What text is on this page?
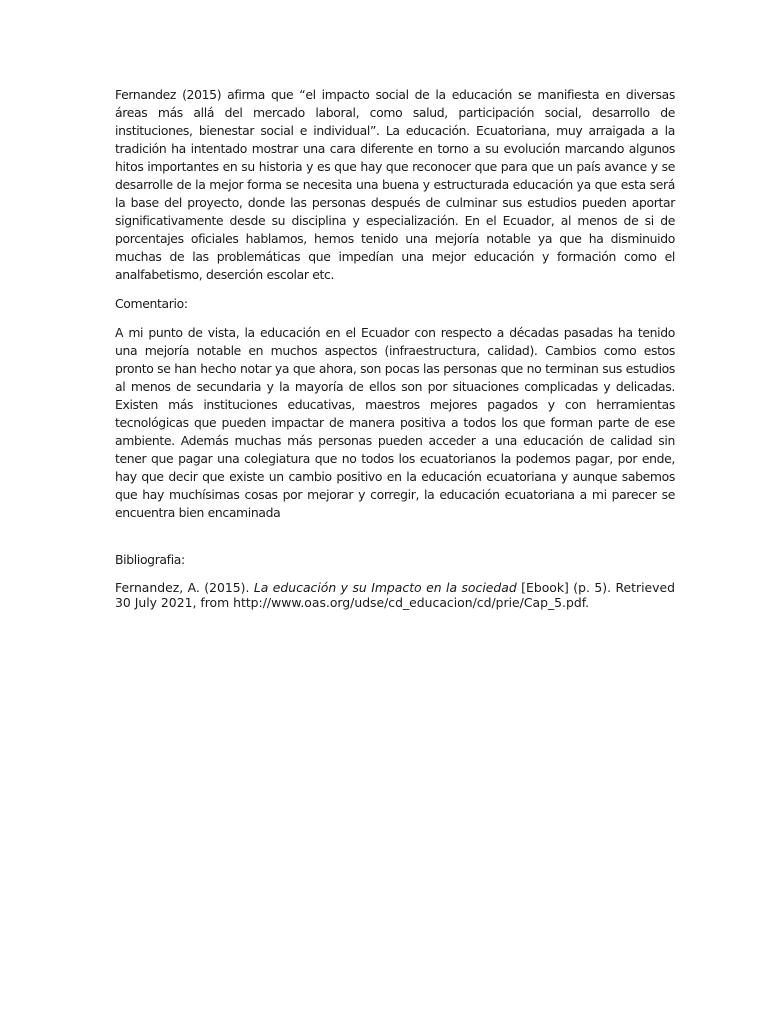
Fernandez (2015) afirma que “el impacto social de la educación se manifiesta en diversas áreas más allá del mercado laboral, como salud, participación social, desarrollo de instituciones, bienestar social e individual”. La educación. Ecuatoriana, muy arraigada a la tradición ha intentado mostrar una cara diferente en torno a su evolución marcando algunos hitos importantes en su historia y es que hay que reconocer que para que un país avance y se desarrolle de la mejor forma se necesita una buena y estructurada educación ya que esta será la base del proyecto, donde las personas después de culminar sus estudios pueden aportar significativamente desde su disciplina y especialización. En el Ecuador, al menos de si de porcentajes oficiales hablamos, hemos tenido una mejoría notable ya que ha disminuido muchas de las problemáticas que impedían una mejor educación y formación como el analfabetismo, deserción escolar etc.

Comentario:

A mi punto de vista, la educación en el Ecuador con respecto a décadas pasadas ha tenido una mejoría notable en muchos aspectos (infraestructura, calidad). Cambios como estos pronto se han hecho notar ya que ahora, son pocas las personas que no terminan sus estudios al menos de secundaria y la mayoría de ellos son por situaciones complicadas y delicadas. Existen más instituciones educativas, maestros mejores pagados y con herramientas tecnológicas que pueden impactar de manera positiva a todos los que forman parte de ese ambiente. Además muchas más personas pueden acceder a una educación de calidad sin tener que pagar una colegiatura que no todos los ecuatorianos la podemos pagar, por ende, hay que decir que existe un cambio positivo en la educación ecuatoriana y aunque sabemos que hay muchísimas cosas por mejorar y corregir, la educación ecuatoriana a mi parecer se encuentra bien encaminada

Bibliografia:

Fernandez, A. (2015). La educación y su Impacto en la sociedad [Ebook] (p. 5). Retrieved 30 July 2021, from http://www.oas.org/udse/cd_educacion/cd/prie/Cap_5.pdf.
